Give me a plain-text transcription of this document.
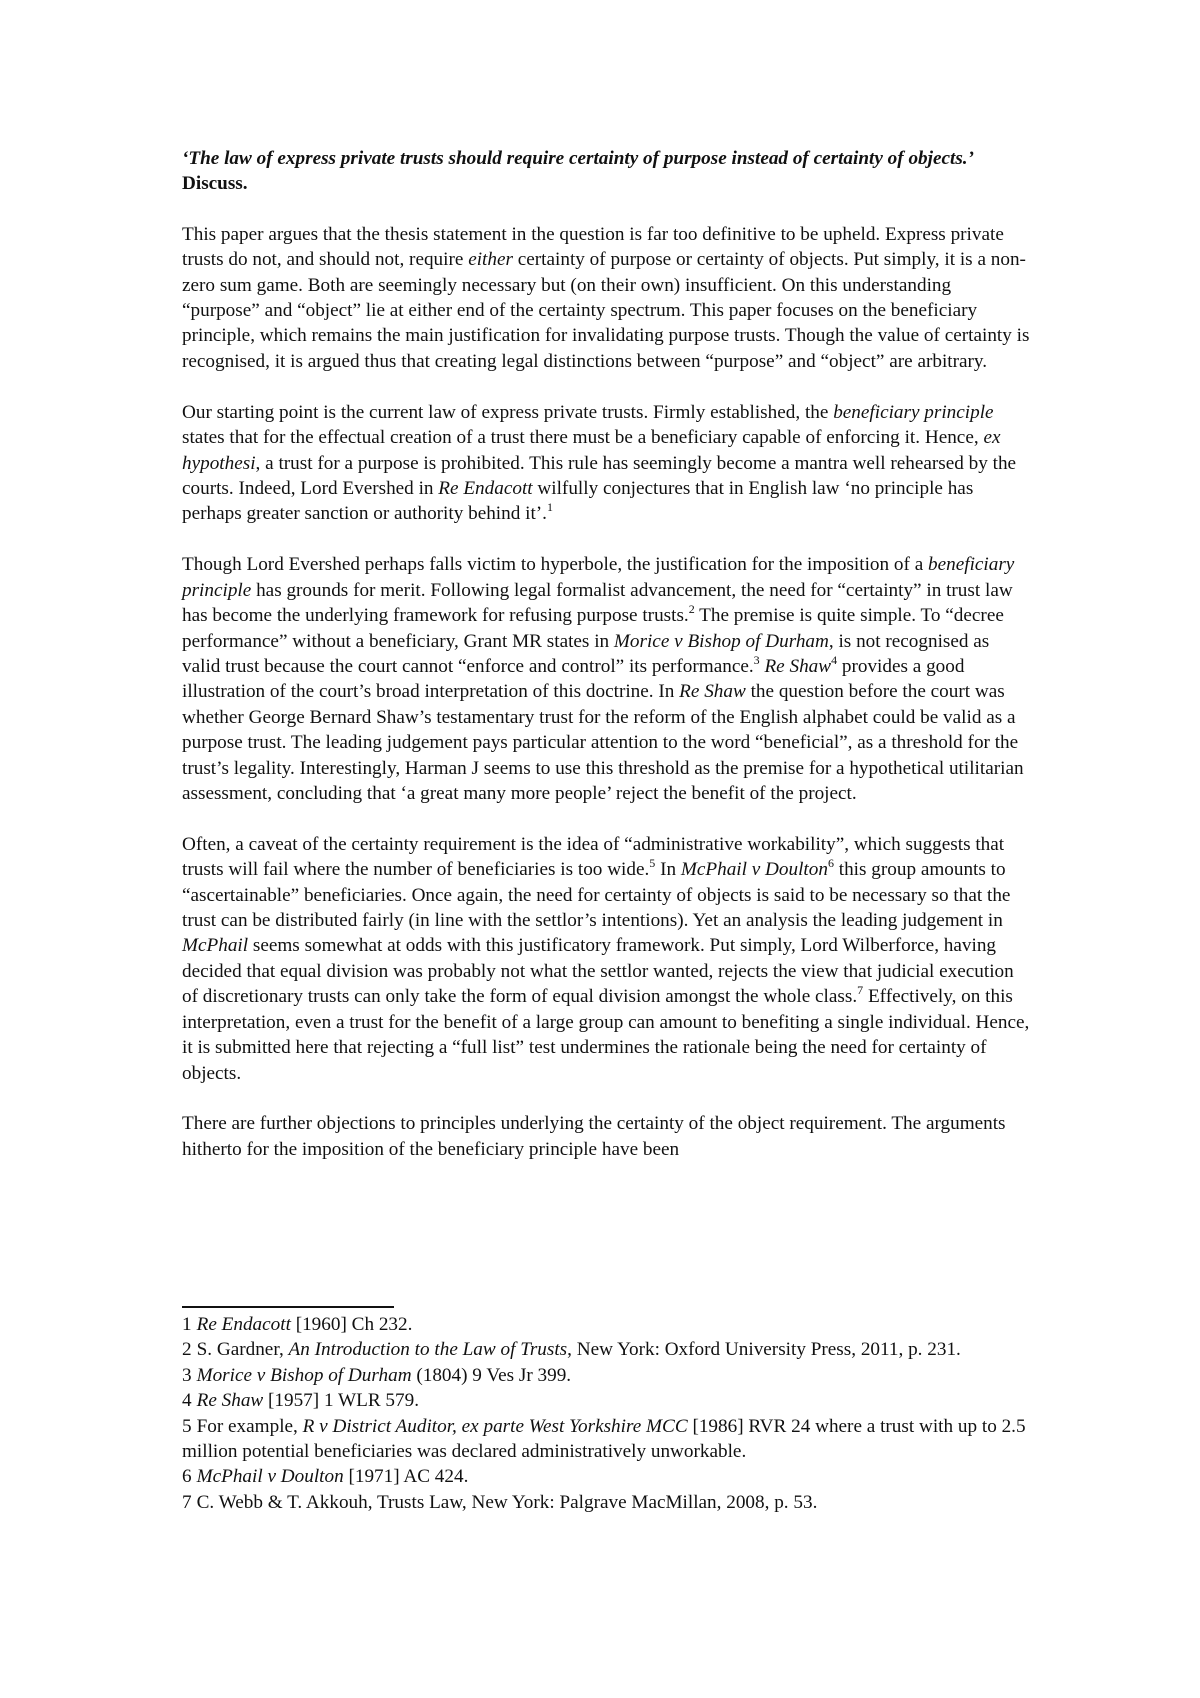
‘The law of express private trusts should require certainty of purpose instead of certainty of objects.’ Discuss.

This paper argues that the thesis statement in the question is far too definitive to be upheld. Express private trusts do not, and should not, require either certainty of purpose or certainty of objects. Put simply, it is a non-zero sum game. Both are seemingly necessary but (on their own) insufficient. On this understanding “purpose” and “object” lie at either end of the certainty spectrum. This paper focuses on the beneficiary principle, which remains the main justification for invalidating purpose trusts. Though the value of certainty is recognised, it is argued thus that creating legal distinctions between “purpose” and “object” are arbitrary.

Our starting point is the current law of express private trusts. Firmly established, the beneficiary principle states that for the effectual creation of a trust there must be a beneficiary capable of enforcing it. Hence, ex hypothesi, a trust for a purpose is prohibited. This rule has seemingly become a mantra well rehearsed by the courts. Indeed, Lord Evershed in Re Endacott wilfully conjectures that in English law ‘no principle has perhaps greater sanction or authority behind it’.$^1$

Though Lord Evershed perhaps falls victim to hyperbole, the justification for the imposition of a beneficiary principle has grounds for merit. Following legal formalist advancement, the need for “certainty” in trust law has become the underlying framework for refusing purpose trusts.$^2$ The premise is quite simple. To “decree performance” without a beneficiary, Grant MR states in Morice v Bishop of Durham, is not recognised as valid trust because the court cannot “enforce and control” its performance.$^3$ Re Shaw$^4$ provides a good illustration of the court’s broad interpretation of this doctrine. In Re Shaw the question before the court was whether George Bernard Shaw’s testamentary trust for the reform of the English alphabet could be valid as a purpose trust. The leading judgement pays particular attention to the word “beneficial”, as a threshold for the trust’s legality. Interestingly, Harman J seems to use this threshold as the premise for a hypothetical utilitarian assessment, concluding that ‘a great many more people’ reject the benefit of the project.

Often, a caveat of the certainty requirement is the idea of “administrative workability”, which suggests that trusts will fail where the number of beneficiaries is too wide.$^5$ In McPhail v Doulton$^6$ this group amounts to “ascertainable” beneficiaries. Once again, the need for certainty of objects is said to be necessary so that the trust can be distributed fairly (in line with the settlor’s intentions). Yet an analysis the leading judgement in McPhail seems somewhat at odds with this justificatory framework. Put simply, Lord Wilberforce, having decided that equal division was probably not what the settlor wanted, rejects the view that judicial execution of discretionary trusts can only take the form of equal division amongst the whole class.$^7$ Effectively, on this interpretation, even a trust for the benefit of a large group can amount to benefiting a single individual. Hence, it is submitted here that rejecting a “full list” test undermines the rationale being the need for certainty of objects.

There are further objections to principles underlying the certainty of the object requirement. The arguments hitherto for the imposition of the beneficiary principle have been

1 Re Endacott [1960] Ch 232.
2 S. Gardner, An Introduction to the Law of Trusts, New York: Oxford University Press, 2011, p. 231.
3 Morice v Bishop of Durham (1804) 9 Ves Jr 399.
4 Re Shaw [1957] 1 WLR 579.
5 For example, R v District Auditor, ex parte West Yorkshire MCC [1986] RVR 24 where a trust with up to 2.5 million potential beneficiaries was declared administratively unworkable.
6 McPhail v Doulton [1971] AC 424.
7 C. Webb & T. Akkouh, Trusts Law, New York: Palgrave MacMillan, 2008, p. 53.
